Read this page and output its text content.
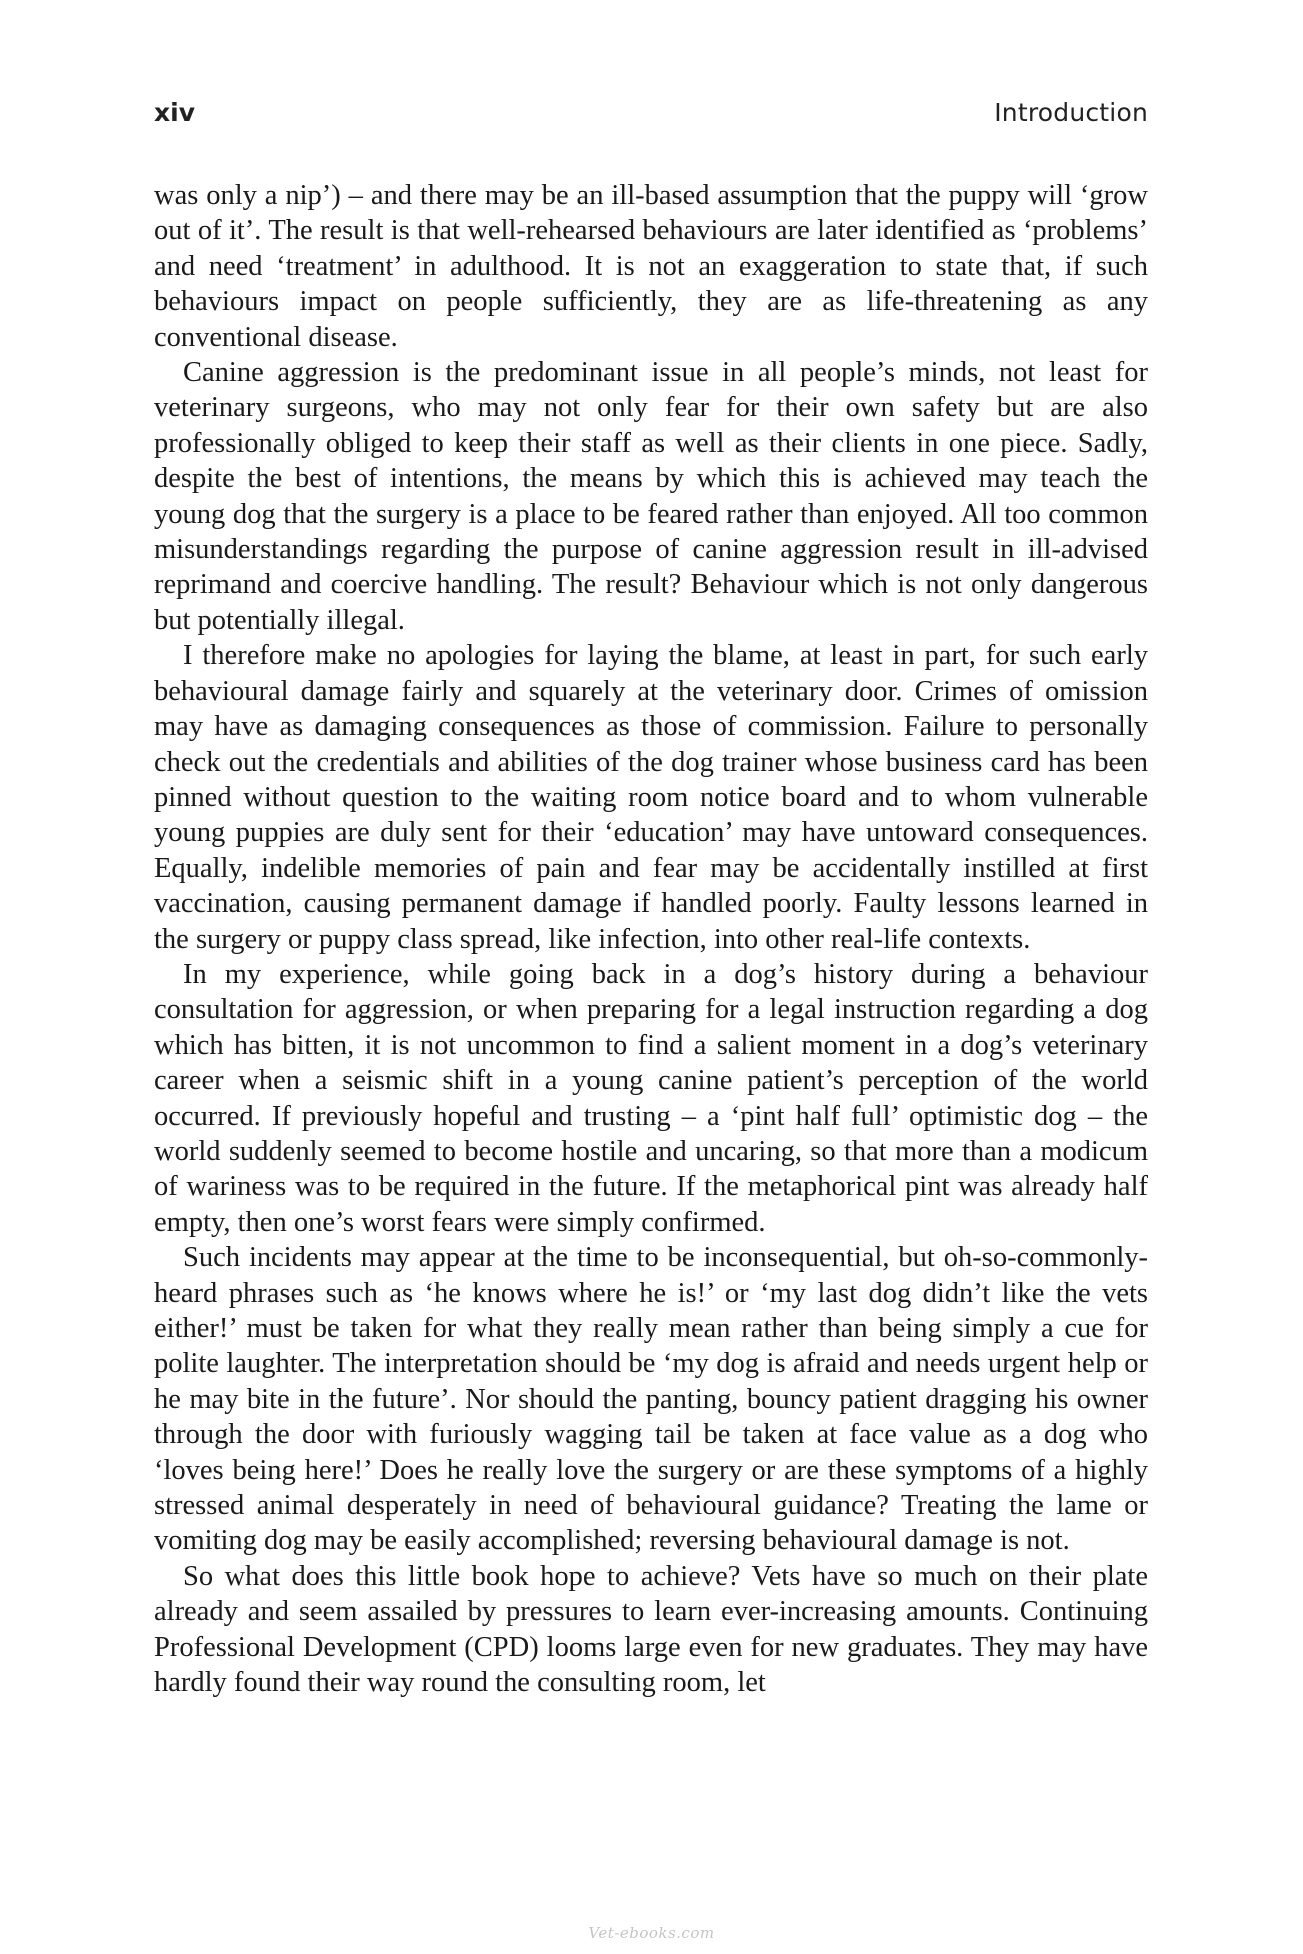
xiv	Introduction

was only a nip’) – and there may be an ill-based assumption that the puppy will ‘grow out of it’. The result is that well-rehearsed behaviours are later identified as ‘problems’ and need ‘treatment’ in adulthood. It is not an exaggeration to state that, if such behaviours impact on people sufficiently, they are as life-threatening as any conventional disease.

Canine aggression is the predominant issue in all people’s minds, not least for veterinary surgeons, who may not only fear for their own safety but are also professionally obliged to keep their staff as well as their clients in one piece. Sadly, despite the best of intentions, the means by which this is achieved may teach the young dog that the surgery is a place to be feared rather than enjoyed. All too common misunderstandings regarding the purpose of canine aggression result in ill-advised reprimand and coercive handling. The result? Behaviour which is not only dangerous but potentially illegal.

I therefore make no apologies for laying the blame, at least in part, for such early behavioural damage fairly and squarely at the veterinary door. Crimes of omission may have as damaging consequences as those of commission. Failure to personally check out the credentials and abilities of the dog trainer whose business card has been pinned without question to the waiting room notice board and to whom vulnerable young puppies are duly sent for their ‘education’ may have untoward consequences. Equally, indelible memories of pain and fear may be accidentally instilled at first vaccination, causing permanent damage if handled poorly. Faulty lessons learned in the surgery or puppy class spread, like infection, into other real-life contexts.

In my experience, while going back in a dog’s history during a behaviour consultation for aggression, or when preparing for a legal instruction regarding a dog which has bitten, it is not uncommon to find a salient moment in a dog’s veterinary career when a seismic shift in a young canine patient’s perception of the world occurred. If previously hopeful and trusting – a ‘pint half full’ optimistic dog – the world suddenly seemed to become hostile and uncaring, so that more than a modicum of wariness was to be required in the future. If the metaphorical pint was already half empty, then one’s worst fears were simply confirmed.

Such incidents may appear at the time to be inconsequential, but oh-so-commonly-heard phrases such as ‘he knows where he is!’ or ‘my last dog didn’t like the vets either!’ must be taken for what they really mean rather than being simply a cue for polite laughter. The interpretation should be ‘my dog is afraid and needs urgent help or he may bite in the future’. Nor should the panting, bouncy patient dragging his owner through the door with furiously wagging tail be taken at face value as a dog who ‘loves being here!’ Does he really love the surgery or are these symptoms of a highly stressed animal desperately in need of behavioural guidance? Treating the lame or vomiting dog may be easily accomplished; reversing behavioural damage is not.

So what does this little book hope to achieve? Vets have so much on their plate already and seem assailed by pressures to learn ever-increasing amounts. Continuing Professional Development (CPD) looms large even for new graduates. They may have hardly found their way round the consulting room, let

Vet-ebooks.com
